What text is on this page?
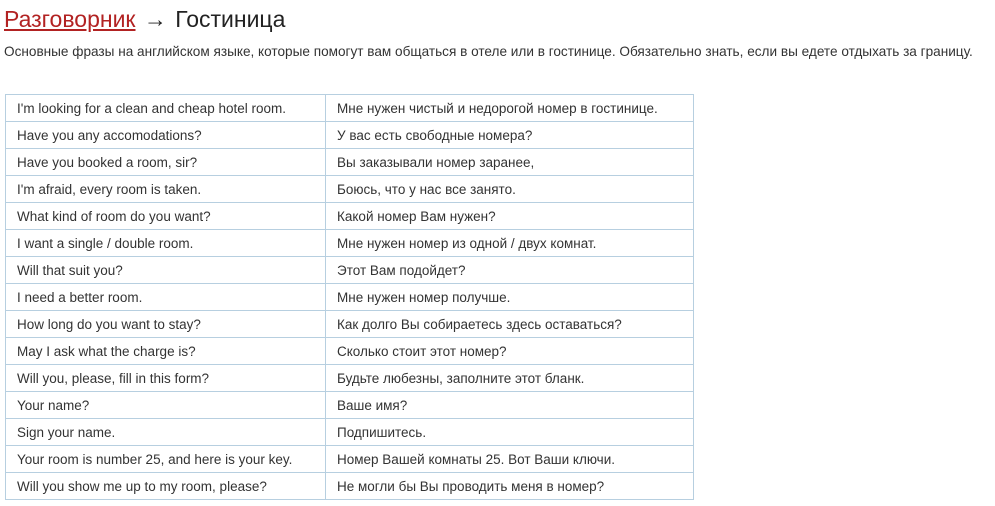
Разговорник → Гостиница

Основные фразы на английском языке, которые помогут вам общаться в отеле или в гостинице. Обязательно знать, если вы едете отдыхать за границу.

I'm looking for a clean and cheap hotel room.	Мне нужен чистый и недорогой номер в гостинице.
Have you any accomodations?	У вас есть свободные номера?
Have you booked a room, sir?	Вы заказывали номер заранее,
I'm afraid, every room is taken.	Боюсь, что у нас все занято.
What kind of room do you want?	Какой номер Вам нужен?
I want a single / double room.	Мне нужен номер из одной / двух комнат.
Will that suit you?	Этот Вам подойдет?
I need a better room.	Мне нужен номер получше.
How long do you want to stay?	Как долго Вы собираетесь здесь оставаться?
May I ask what the charge is?	Сколько стоит этот номер?
Will you, please, fill in this form?	Будьте любезны, заполните этот бланк.
Your name?	Ваше имя?
Sign your name.	Подпишитесь.
Your room is number 25, and here is your key.	Номер Вашей комнаты 25. Вот Ваши ключи.
Will you show me up to my room, please?	Не могли бы Вы проводить меня в номер?
